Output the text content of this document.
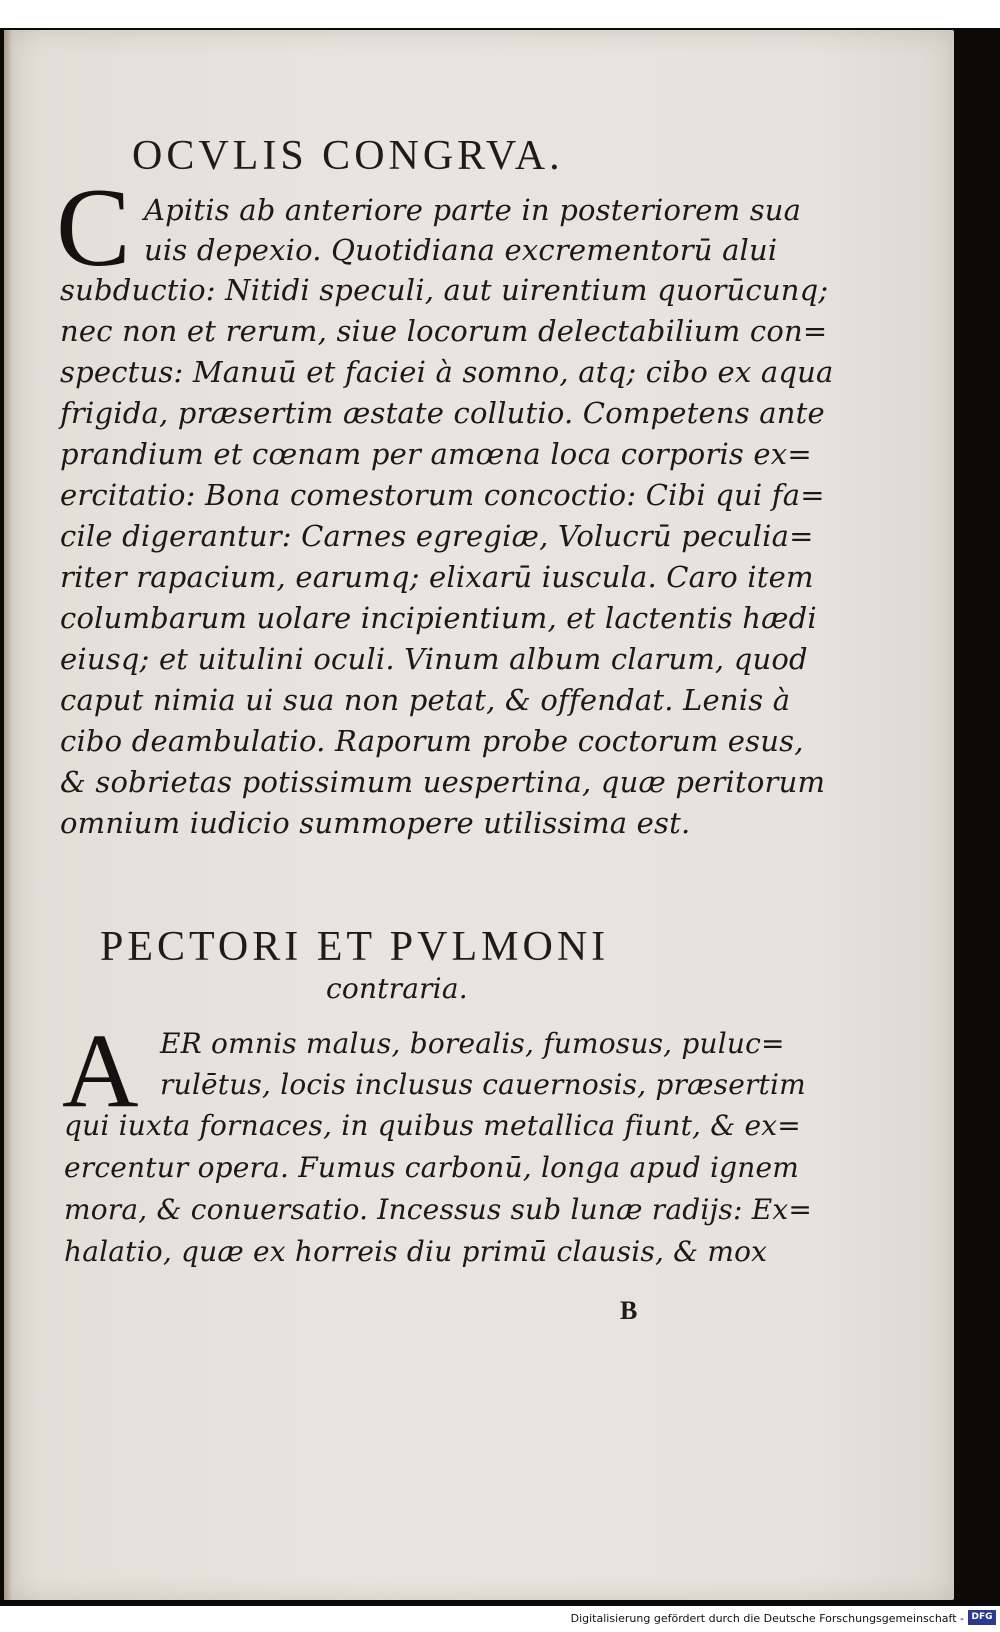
OCVLIS CONGRVA.
C Apitis ab anteriore parte in posteriorem sua
uis depexio. Quotidiana excrementorū alui
subductio: Nitidi speculi, aut uirentium quorūcunq;
nec non et rerum, siue locorum delectabilium con=
spectus: Manuū et faciei à somno, atq; cibo ex aqua
frigida, præsertim æstate collutio. Competens ante
prandium et cœnam per amœna loca corporis ex=
ercitatio: Bona comestorum concoctio: Cibi qui fa=
cile digerantur: Carnes egregiæ, Volucrū peculia=
riter rapacium, earumq; elixarū iuscula. Caro item
columbarum uolare incipientium, et lactentis hædi
eiusq; et uitulini oculi. Vinum album clarum, quod
caput nimia ui sua non petat, & offendat. Lenis à
cibo deambulatio. Raporum probe coctorum esus,
& sobrietas potissimum uespertina, quæ peritorum
omnium iudicio summopere utilissima est.
PECTORI ET PVLMONI
contraria.
A ER omnis malus, borealis, fumosus, puluc=
rulētus, locis inclusus cauernosis, præsertim
qui iuxta fornaces, in quibus metallica fiunt, & ex=
ercentur opera. Fumus carbonū, longa apud ignem
mora, & conuersatio. Incessus sub lunæ radijs: Ex=
halatio, quæ ex horreis diu primū clausis, & mox
B
Digitalisierung gefördert durch die Deutsche Forschungsgemeinschaft - DFG
